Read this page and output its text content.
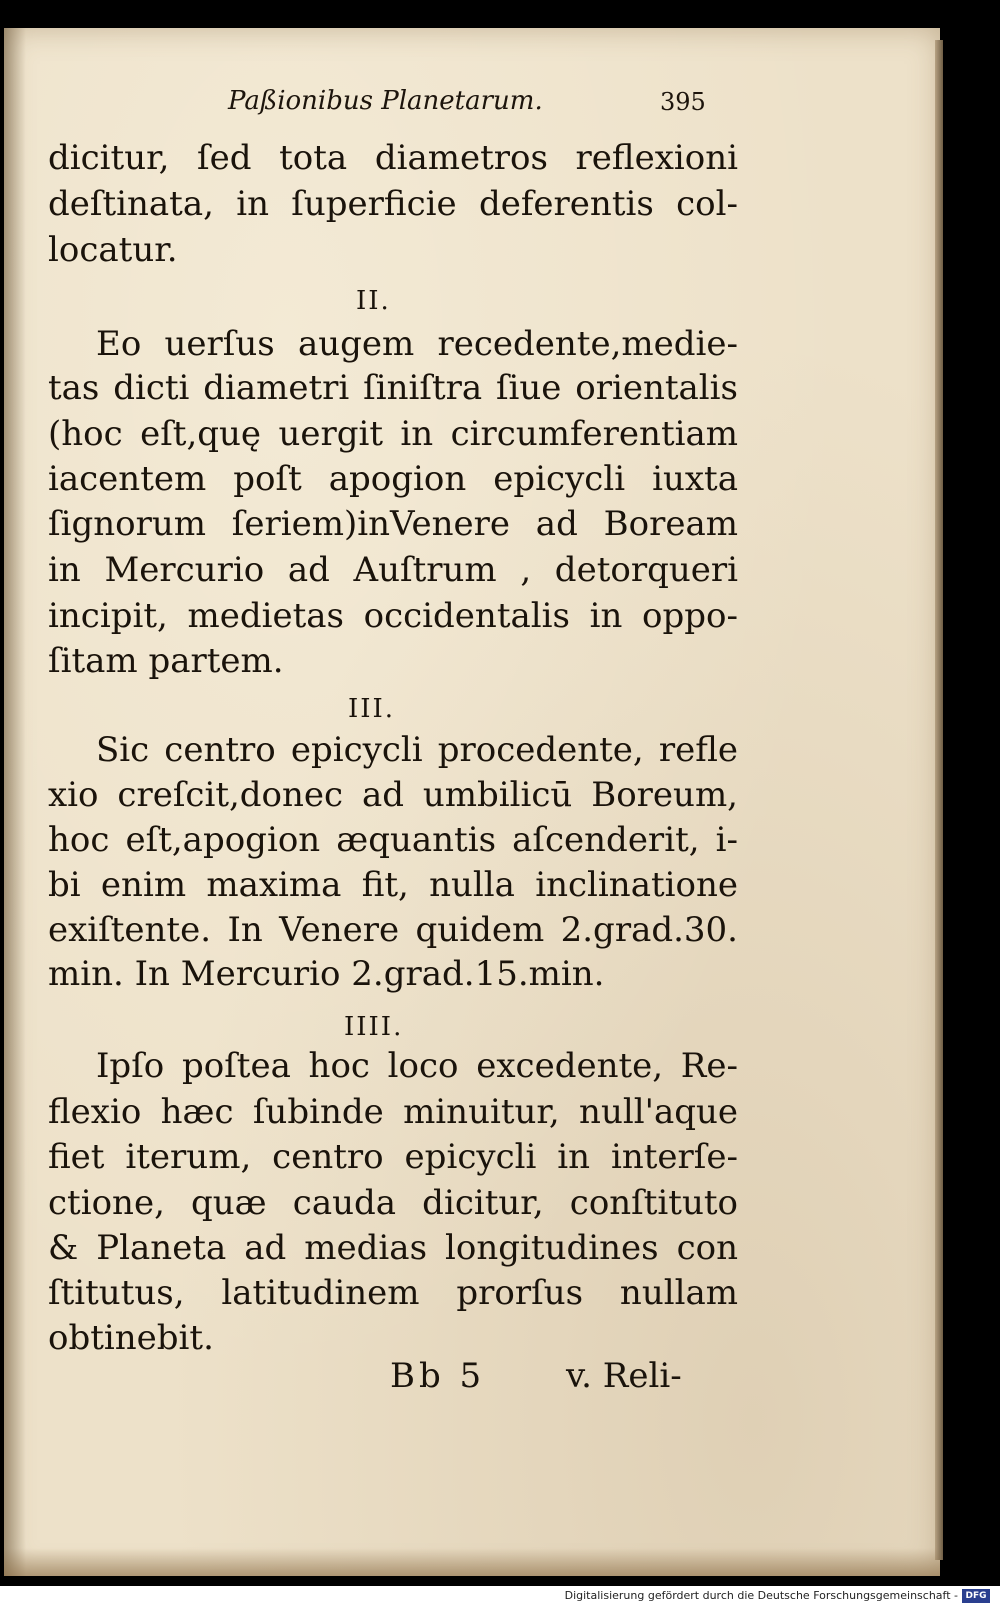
Paßionibus Planetarum.	395
dicitur, ſed tota diametros reflexioni
deſtinata, in ſuperficie deferentis col-
locatur.
II.
Eo uerſus augem recedente,medie-
tas dicti diametri ſiniſtra ſiue orientalis
(hoc eſt,quę uergit in circumferentiam
iacentem poſt apogion epicycli iuxta
ſignorum ſeriem)inVenere ad Boream
in Mercurio ad Auſtrum , detorqueri
incipit, medietas occidentalis in oppo-
ſitam partem.
III.
Sic centro epicycli procedente, refle
xio creſcit,donec ad umbilicū Boreum,
hoc eſt,apogion æquantis aſcenderit, i-
bi enim maxima fit, nulla inclinatione
exiſtente. In Venere quidem 2.grad.30.
min. In Mercurio 2.grad.15.min.
IIII.
Ipſo poſtea hoc loco excedente, Re-
flexio hæc ſubinde minuitur, null'aque
fiet iterum, centro epicycli in interſe-
ctione, quæ cauda dicitur, conſtituto
& Planeta ad medias longitudines con
ſtitutus, latitudinem prorſus nullam
obtinebit.
Bb 5 v. Reli-
Digitalisierung gefördert durch die Deutsche Forschungsgemeinschaft - DFG
